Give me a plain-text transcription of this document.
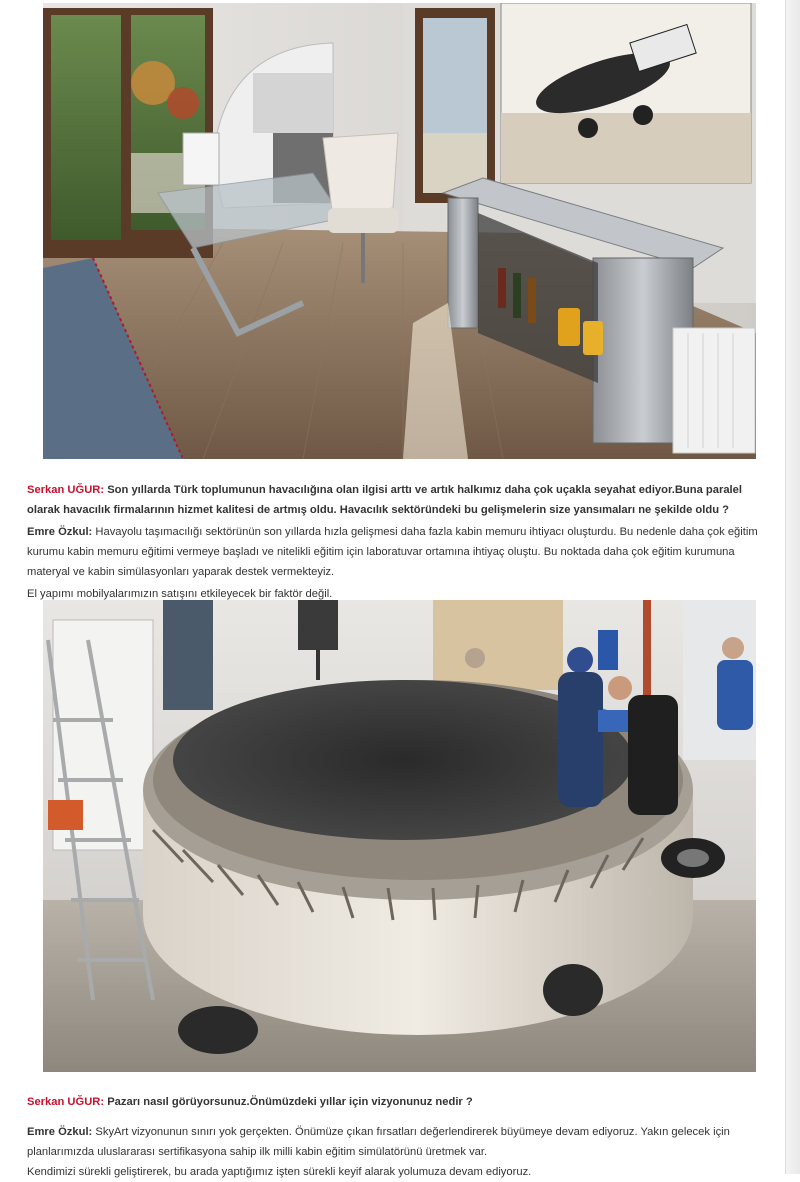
Serkan UĞUR: Son yıllarda Türk toplumunun havacılığına olan ilgisi arttı ve artık halkımız daha çok uçakla seyahat ediyor.Buna paralel olarak havacılık firmalarının hizmet kalitesi de artmış oldu. Havacılık sektöründeki bu gelişmelerin size yansımaları ne şekilde oldu ?

Emre Özkul: Havayolu taşımacılığı sektörünün son yıllarda hızla gelişmesi daha fazla kabin memuru ihtiyacı oluşturdu. Bu nedenle daha çok eğitim kurumu kabin memuru eğitimi vermeye başladı ve nitelikli eğitim için laboratuvar ortamına ihtiyaç oluştu. Bu noktada daha çok eğitim kurumuna materyal ve kabin simülasyonları yaparak destek vermekteyiz.

El yapımı mobilyalarımızın satışını etkileyecek bir faktör değil.

Serkan UĞUR: Pazarı nasıl görüyorsunuz.Önümüzdeki yıllar için vizyonunuz nedir ?

Emre Özkul: SkyArt vizyonunun sınırı yok gerçekten. Önümüze çıkan fırsatları değerlendirerek büyümeye devam ediyoruz. Yakın gelecek için planlarımızda uluslararası sertifikasyona sahip ilk milli kabin eğitim simülatörünü üretmek var.

Kendimizi sürekli geliştirerek, bu arada yaptığımız işten sürekli keyif alarak yolumuza devam ediyoruz.
